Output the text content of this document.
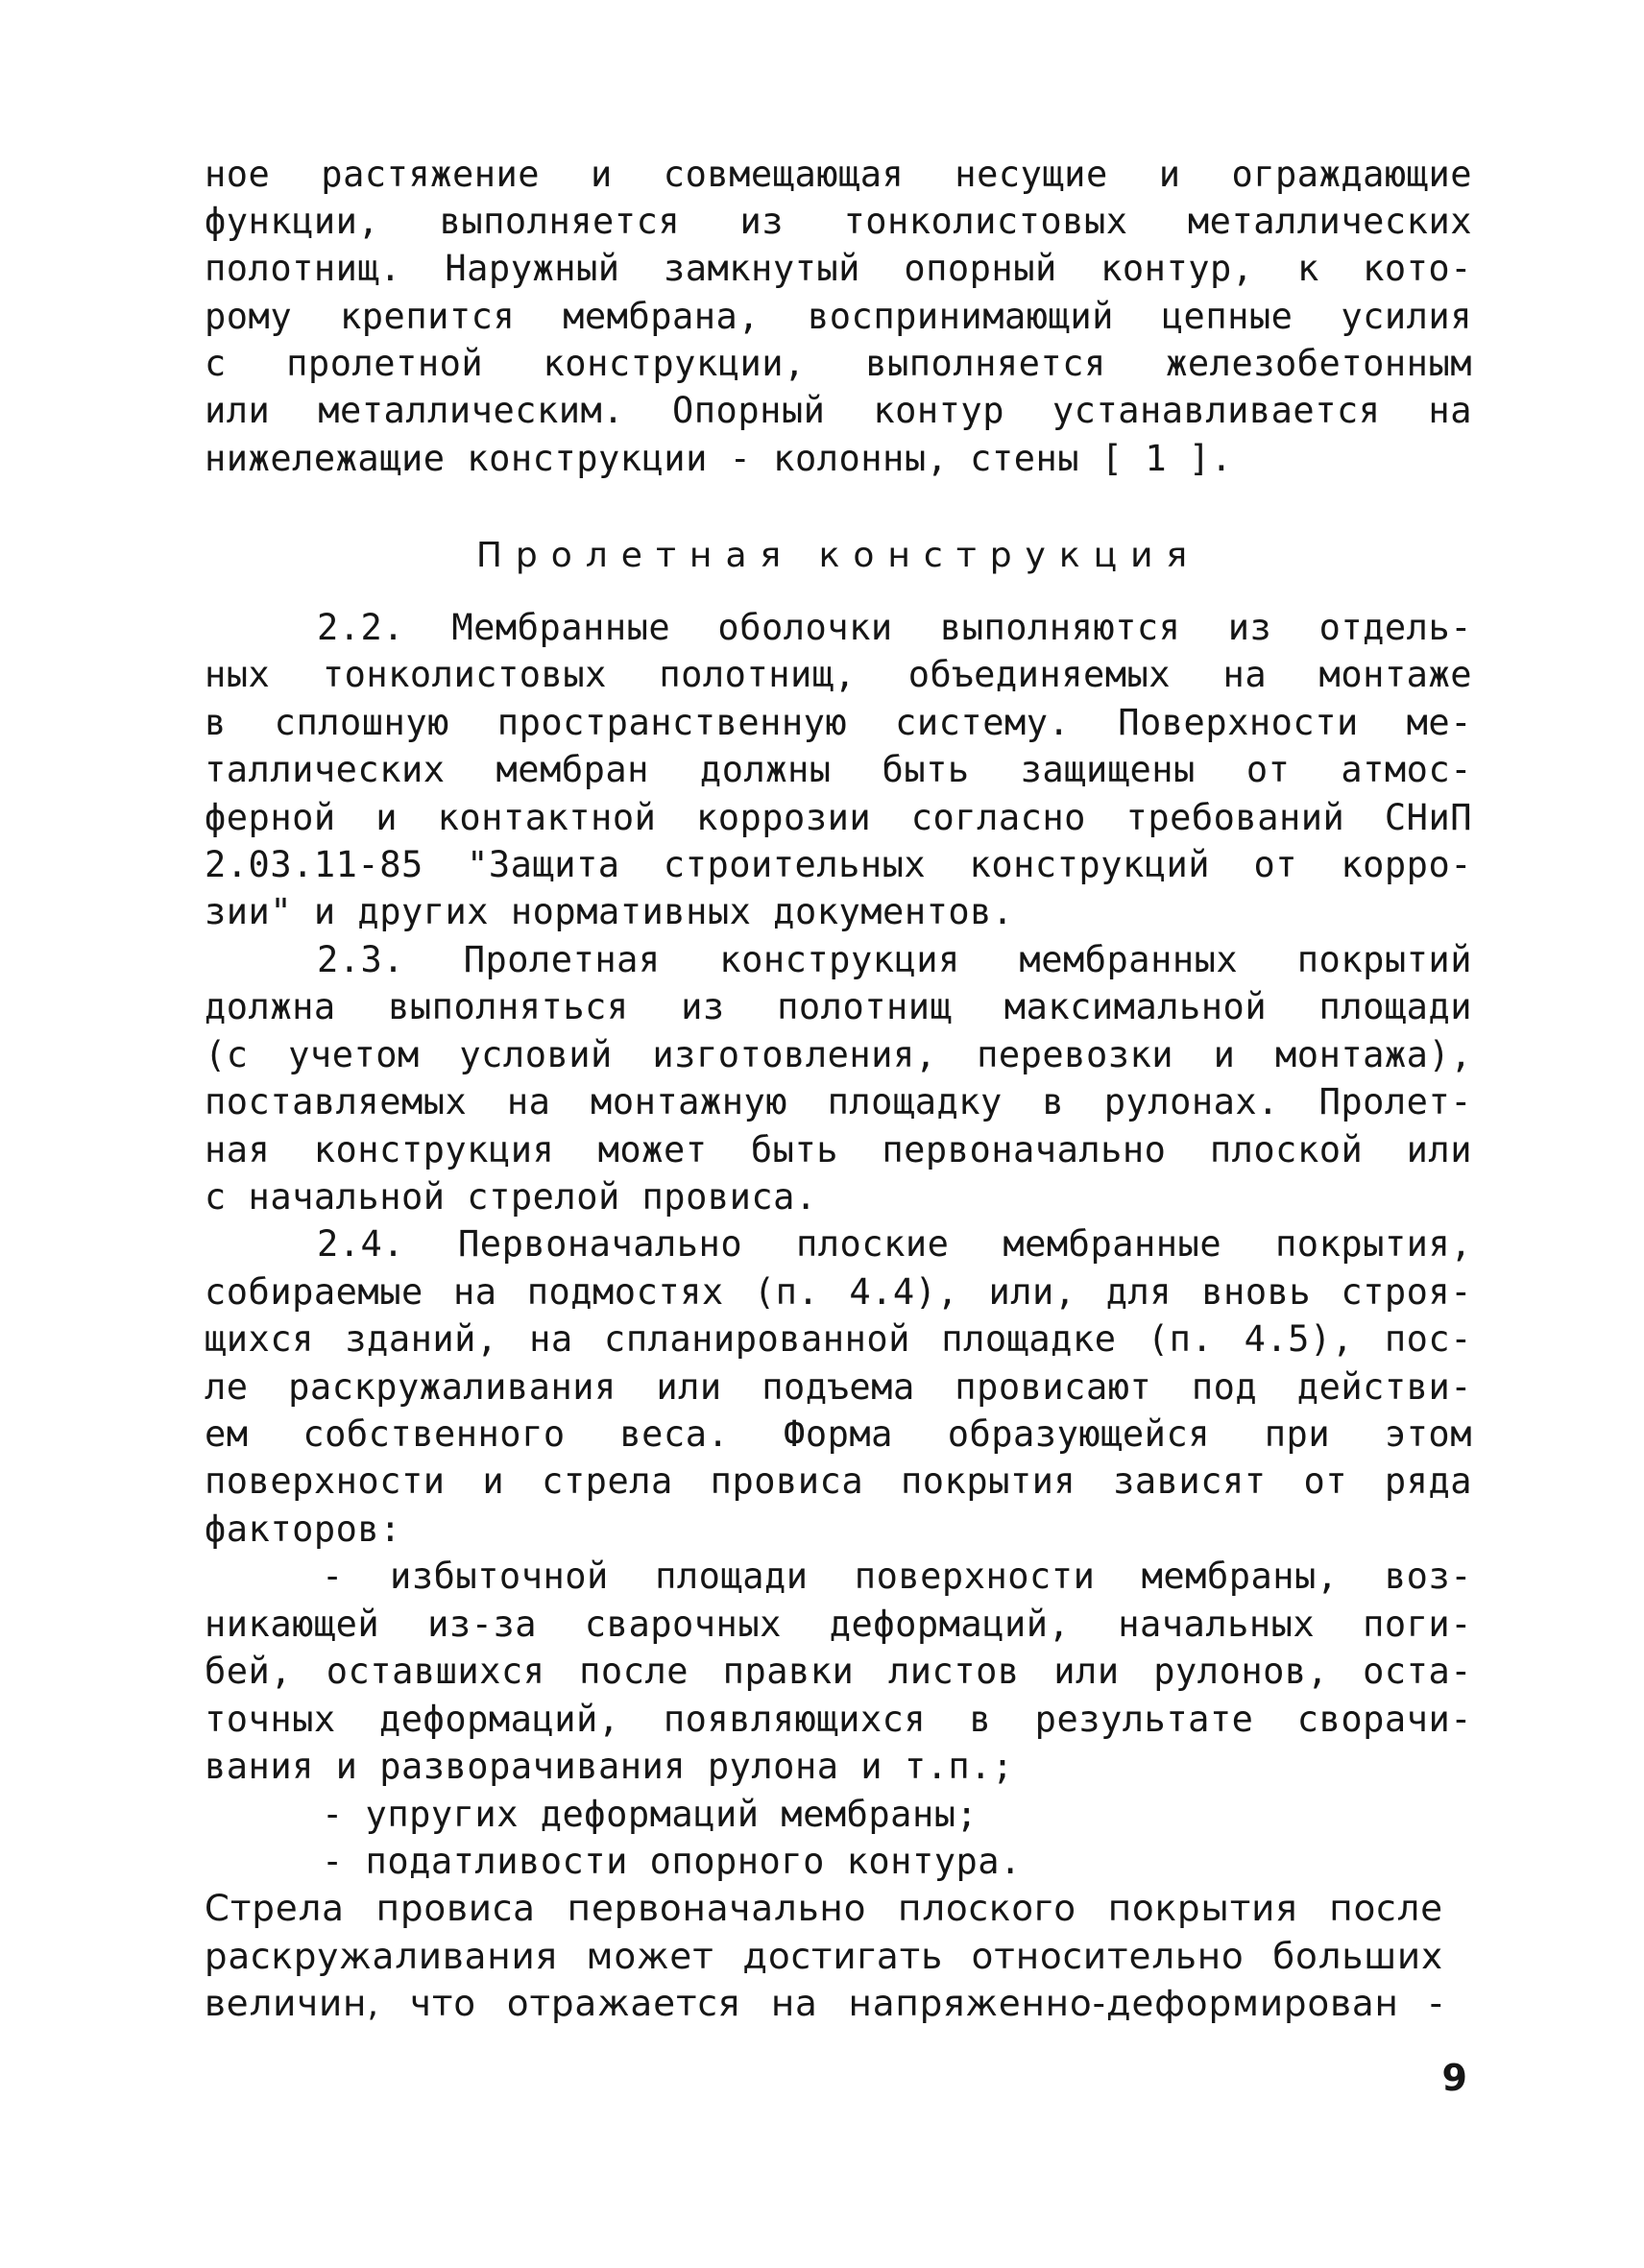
ное растяжение и совмещающая несущие и ограждающие
функции, выполняется из тонколистовых металлических
полотнищ. Наружный замкнутый опорный контур, к кото-
рому крепится мембрана, воспринимающий цепные усилия
с пролетной конструкции, выполняется железобетонным
или металлическим. Опорный контур устанавливается на
нижележащие конструкции - колонны, стены [ 1 ].
Пролетная конструкция
2.2. Мембранные оболочки выполняются из отдель-
ных тонколистовых полотнищ, объединяемых на монтаже
в сплошную пространственную систему. Поверхности ме-
таллических мембран должны быть защищены от атмос-
ферной и контактной коррозии согласно требований СНиП
2.03.11-85 "Защита строительных конструкций от корро-
зии" и других нормативных документов.
2.3. Пролетная конструкция мембранных покрытий
должна выполняться из полотнищ максимальной площади
(с учетом условий изготовления, перевозки и монтажа),
поставляемых на монтажную площадку в рулонах. Пролет-
ная конструкция может быть первоначально плоской или
с начальной стрелой провиса.
2.4. Первоначально плоские мембранные покрытия,
собираемые на подмостях (п. 4.4), или, для вновь строя-
щихся зданий, на спланированной площадке (п. 4.5), пос-
ле раскружаливания или подъема провисают под действи-
ем собственного веса. Форма образующейся при этом
поверхности и стрела провиса покрытия зависят от ряда
факторов:
- избыточной площади поверхности мембраны, воз-
никающей из-за сварочных деформаций, начальных поги-
бей, оставшихся после правки листов или рулонов, оста-
точных деформаций, появляющихся в результате сворачи-
вания и разворачивания рулона и т.п.;
- упругих деформаций мембраны;
- податливости опорного контура.
Стрела провиса первоначально плоского покрытия после
раскружаливания может достигать относительно больших
величин, что отражается на напряженно-деформирован -
9
